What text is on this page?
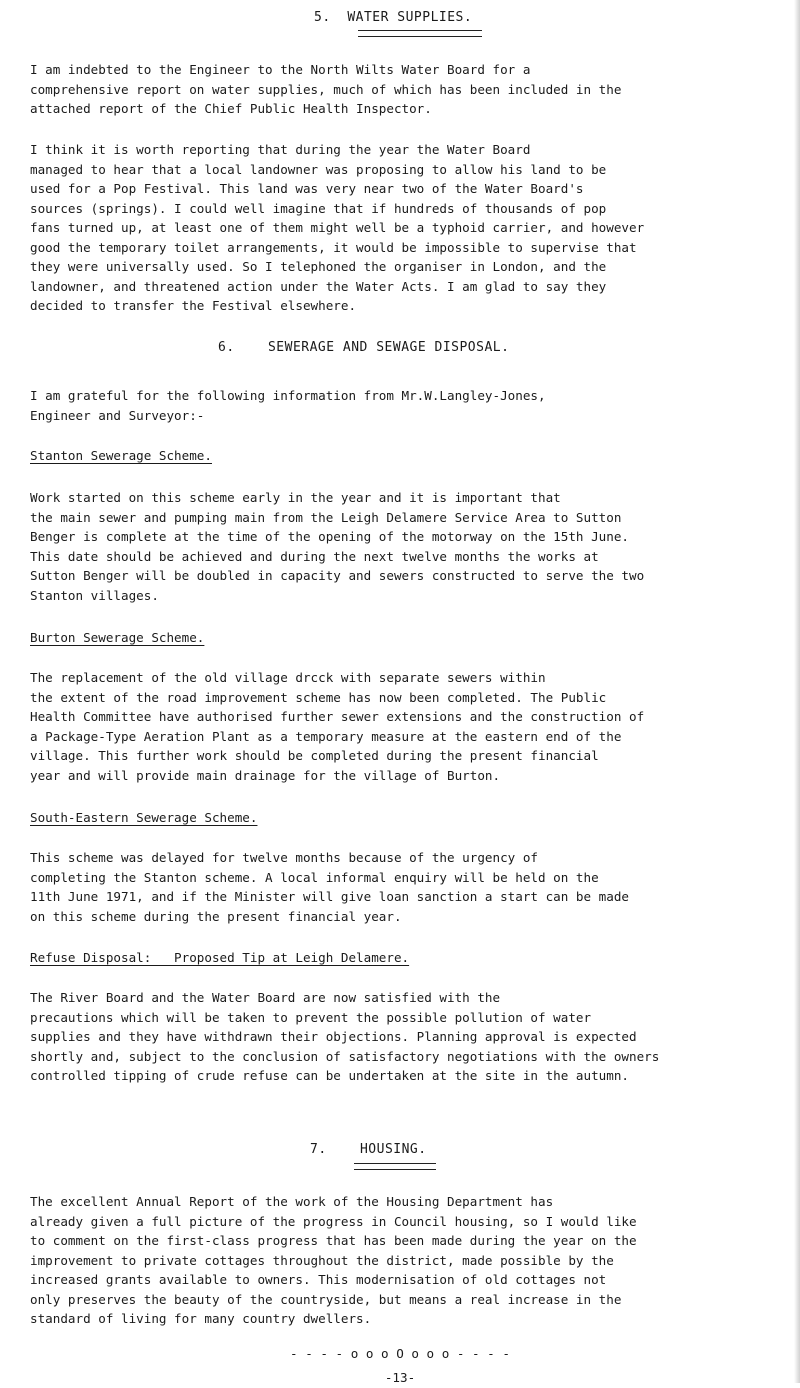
5. WATER SUPPLIES.

I am indebted to the Engineer to the North Wilts Water Board for a
comprehensive report on water supplies, much of which has been included in the
attached report of the Chief Public Health Inspector.

I think it is worth reporting that during the year the Water Board
managed to hear that a local landowner was proposing to allow his land to be
used for a Pop Festival. This land was very near two of the Water Board's
sources (springs). I could well imagine that if hundreds of thousands of pop
fans turned up, at least one of them might well be a typhoid carrier, and however
good the temporary toilet arrangements, it would be impossible to supervise that
they were universally used. So I telephoned the organiser in London, and the
landowner, and threatened action under the Water Acts. I am glad to say they
decided to transfer the Festival elsewhere.

6.	SEWERAGE AND SEWAGE DISPOSAL.

I am grateful for the following information from Mr.W.Langley-Jones,
Engineer and Surveyor:-

Stanton Sewerage Scheme.

Work started on this scheme early in the year and it is important that
the main sewer and pumping main from the Leigh Delamere Service Area to Sutton
Benger is complete at the time of the opening of the motorway on the 15th June.
This date should be achieved and during the next twelve months the works at
Sutton Benger will be doubled in capacity and sewers constructed to serve the two
Stanton villages.

Burton Sewerage Scheme.

The replacement of the old village drcck with separate sewers within
the extent of the road improvement scheme has now been completed. The Public
Health Committee have authorised further sewer extensions and the construction of
a Package-Type Aeration Plant as a temporary measure at the eastern end of the
village. This further work should be completed during the present financial
year and will provide main drainage for the village of Burton.

South-Eastern Sewerage Scheme.

This scheme was delayed for twelve months because of the urgency of
completing the Stanton scheme. A local informal enquiry will be held on the
11th June 1971, and if the Minister will give loan sanction a start can be made
on this scheme during the present financial year.

Refuse Disposal:   Proposed Tip at Leigh Delamere.

The River Board and the Water Board are now satisfied with the
precautions which will be taken to prevent the possible pollution of water
supplies and they have withdrawn their objections. Planning approval is expected
shortly and, subject to the conclusion of satisfactory negotiations with the owners
controlled tipping of crude refuse can be undertaken at the site in the autumn.

7.	HOUSING.

The excellent Annual Report of the work of the Housing Department has
already given a full picture of the progress in Council housing, so I would like
to comment on the first-class progress that has been made during the year on the
improvement to private cottages throughout the district, made possible by the
increased grants available to owners. This modernisation of old cottages not
only preserves the beauty of the countryside, but means a real increase in the
standard of living for many country dwellers.

- - - - o o o O o o o - - - -
-13-
